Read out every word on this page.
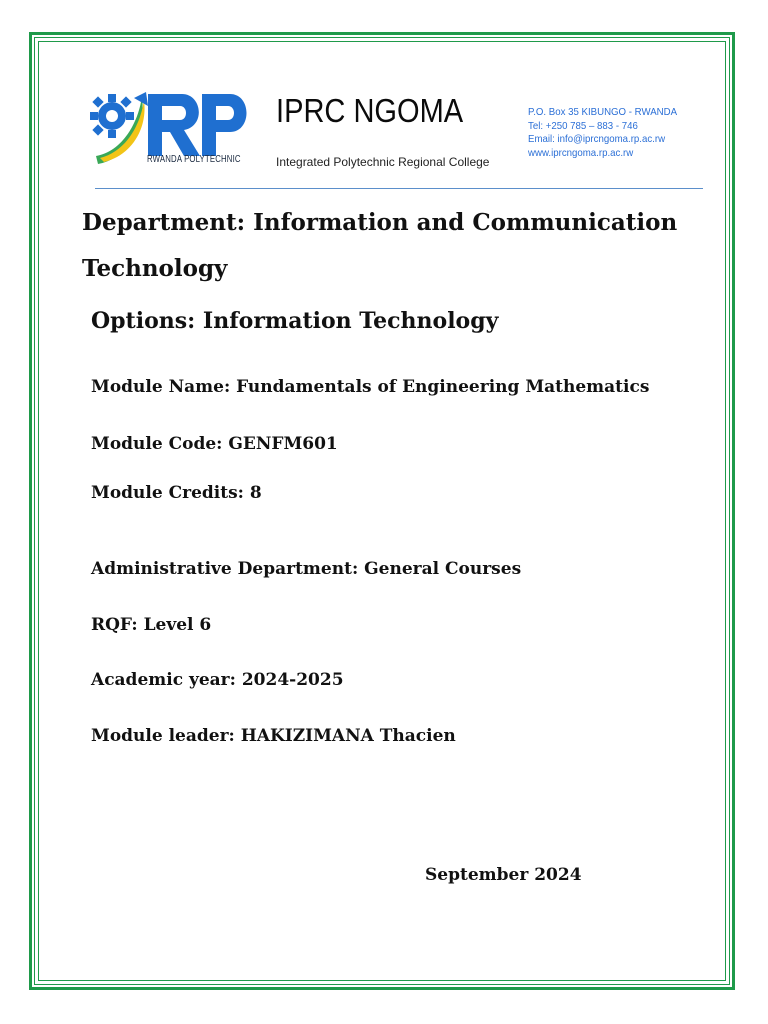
RWANDA POLYTECHNIC
IPRC NGOMA
Integrated Polytechnic Regional College
P.O. Box 35 KIBUNGO - RWANDA
Tel: +250 785 – 883 - 746
Email: info@iprcngoma.rp.ac.rw
www.iprcngoma.rp.ac.rw
Department: Information and Communication Technology
Options: Information Technology
Module Name: Fundamentals of Engineering Mathematics
Module Code: GENFM601
Module Credits: 8
Administrative Department: General Courses
RQF: Level 6
Academic year: 2024-2025
Module leader: HAKIZIMANA Thacien
September 2024
